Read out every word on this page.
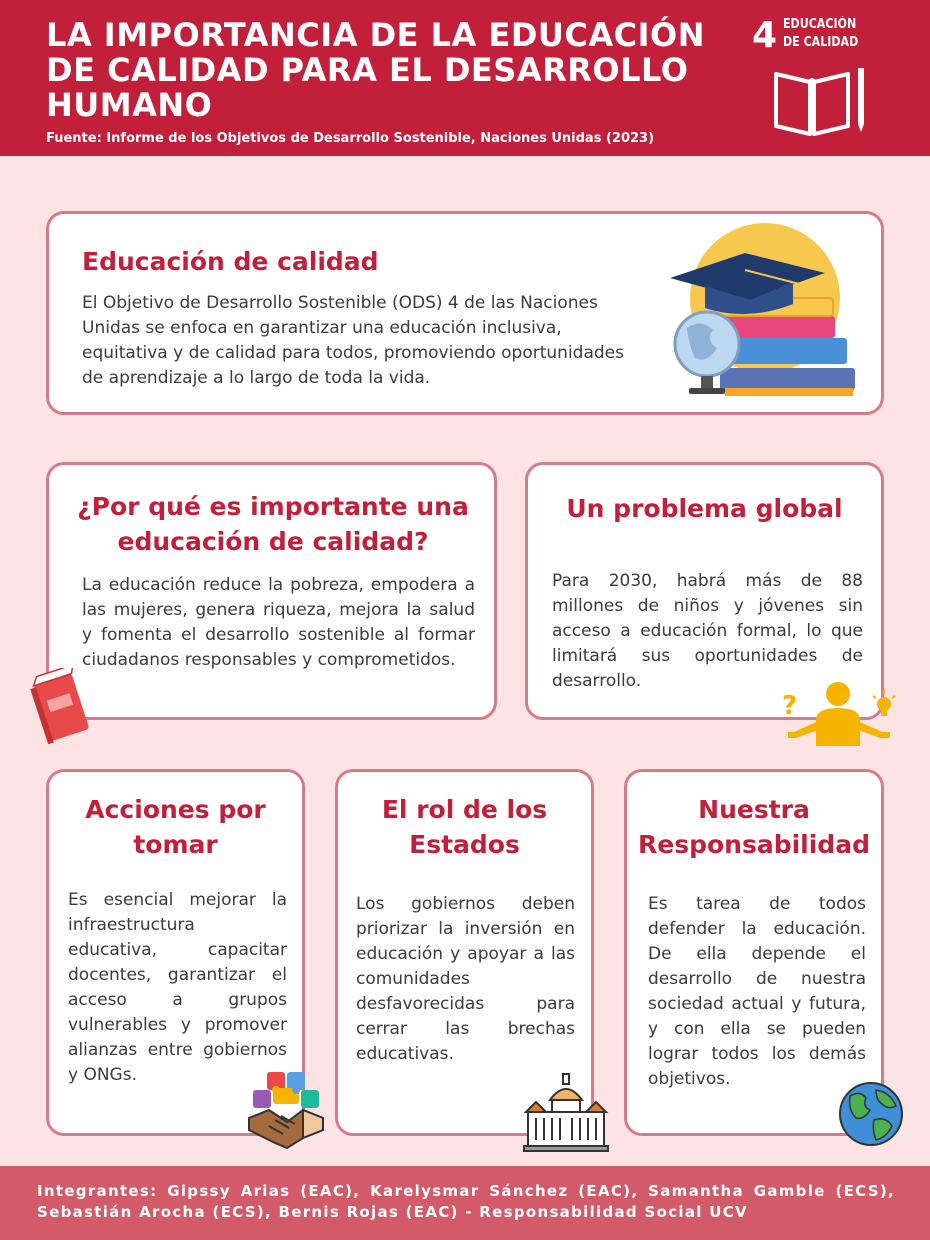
LA IMPORTANCIA DE LA EDUCACIÓN DE CALIDAD PARA EL DESARROLLO HUMANO
Fuente: Informe de los Objetivos de Desarrollo Sostenible, Naciones Unidas (2023)
4 EDUCACIÓN
DE CALIDAD
Educación de calidad

El Objetivo de Desarrollo Sostenible (ODS) 4 de las Naciones Unidas se enfoca en garantizar una educación inclusiva, equitativa y de calidad para todos, promoviendo oportunidades de aprendizaje a lo largo de toda la vida.

¿Por qué es importante una educación de calidad?

La educación reduce la pobreza, empodera a las mujeres, genera riqueza, mejora la salud y fomenta el desarrollo sostenible al formar ciudadanos responsables y comprometidos.

Un problema global

Para 2030, habrá más de 88 millones de niños y jóvenes sin acceso a educación formal, lo que limitará sus oportunidades de desarrollo.

?
Acciones por tomar

Es esencial mejorar la infraestructura educativa, capacitar docentes, garantizar el acceso a grupos vulnerables y promover alianzas entre gobiernos y ONGs.

El rol de los Estados

Los gobiernos deben priorizar la inversión en educación y apoyar a las comunidades desfavorecidas para cerrar las brechas educativas.

Nuestra Responsabilidad

Es tarea de todos defender la educación. De ella depende el desarrollo de nuestra sociedad actual y futura, y con ella se pueden lograr todos los demás objetivos.

Integrantes: Gipssy Arias (EAC), Karelysmar Sánchez (EAC), Samantha Gamble (ECS), Sebastián Arocha (ECS), Bernis Rojas (EAC) - Responsabilidad Social UCV
